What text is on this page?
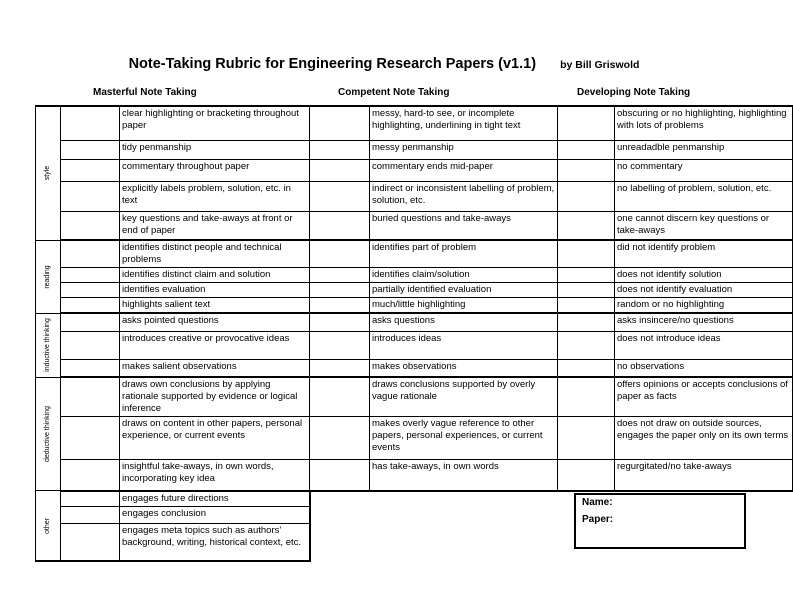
Note-Taking Rubric for Engineering Research Papers (v1.1) by Bill Griswold
Masterful Note Taking	Competent Note Taking	Developing Note Taking
style		clear highlighting or bracketing throughout paper		messy, hard-to see, or incomplete highlighting, underlining in tight text		obscuring or no highlighting, highlighting with lots of problems
		tidy penmanship		messy penmanship		unreadadble penmanship
		commentary throughout paper		commentary ends mid-paper		no commentary
		explicitly labels problem, solution, etc. in text		indirect or inconsistent labelling of problem, solution, etc.		no labelling of problem, solution, etc.
		key questions and take-aways at front or end of paper		buried questions and take-aways		one cannot discern key questions or take-aways

reading		identifies distinct people and technical problems		identifies part of problem		did not identify problem
		identifies distinct claim and solution		identifies claim/solution		does not identify solution
		identifies evaluation		partially identified evaluation		does not identify evaluation
		highlights salient text		much/little highlighting		random or no highlighting

inductive thinking		asks pointed questions		asks questions		asks insincere/no questions
		introduces creative or provocative ideas		introduces ideas		does not introduce ideas
		makes salient observations		makes observations		no observations

deductive thinking		draws own conclusions by applying rationale supported by evidence or logical inference		draws conclusions supported by overly vague rationale		offers opinions or accepts conclusions of paper as facts
		draws on content in other papers, personal experience, or current events		makes overly vague reference to other papers, personal experiences, or current events		does not draw on outside sources, engages the paper only on its own terms
		insightful take-aways, in own words, incorporating key idea		has take-aways, in own words		regurgitated/no take-aways

other		engages future directions				
		engages conclusion				
		engages meta topics such as authors' background, writing, historical context, etc.				
Name:
Paper:
